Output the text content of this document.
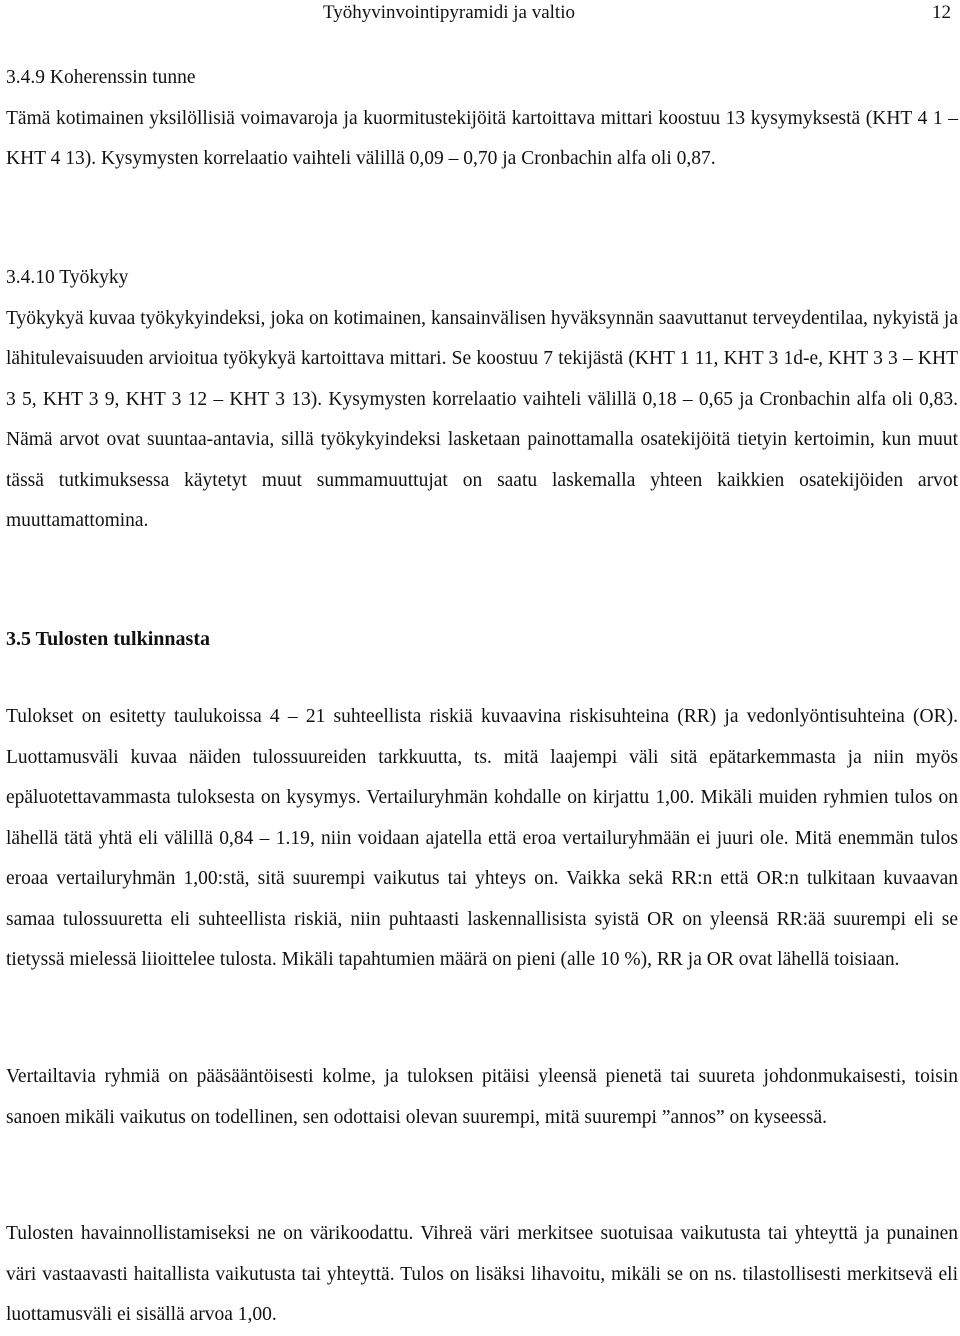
Työhyvinvointipyramidi ja valtio	12
3.4.9 Koherenssin tunne

Tämä kotimainen yksilöllisiä voimavaroja ja kuormitustekijöitä kartoittava mittari koostuu 13 kysymyksestä (KHT 4 1 – KHT 4 13). Kysymysten korrelaatio vaihteli välillä 0,09 – 0,70 ja Cronbachin alfa oli 0,87.

3.4.10 Työkyky

Työkykyä kuvaa työkykyindeksi, joka on kotimainen, kansainvälisen hyväksynnän saavuttanut terveydentilaa, nykyistä ja lähitulevaisuuden arvioitua työkykyä kartoittava mittari. Se koostuu 7 tekijästä (KHT 1 11, KHT 3 1d-e, KHT 3 3 – KHT 3 5, KHT 3 9, KHT 3 12 – KHT 3 13). Kysymysten korrelaatio vaihteli välillä 0,18 – 0,65 ja Cronbachin alfa oli 0,83. Nämä arvot ovat suuntaa-antavia, sillä työkykyindeksi lasketaan painottamalla osatekijöitä tietyin kertoimin, kun muut tässä tutkimuksessa käytetyt muut summamuuttujat on saatu laskemalla yhteen kaikkien osatekijöiden arvot muuttamattomina.

3.5 Tulosten tulkinnasta

Tulokset on esitetty taulukoissa 4 – 21 suhteellista riskiä kuvaavina riskisuhteina (RR) ja vedonlyöntisuhteina (OR). Luottamusväli kuvaa näiden tulossuureiden tarkkuutta, ts. mitä laajempi väli sitä epätarkemmasta ja niin myös epäluotettavammasta tuloksesta on kysymys. Vertailuryhmän kohdalle on kirjattu 1,00. Mikäli muiden ryhmien tulos on lähellä tätä yhtä eli välillä 0,84 – 1.19, niin voidaan ajatella että eroa vertailuryhmään ei juuri ole. Mitä enemmän tulos eroaa vertailuryhmän 1,00:stä, sitä suurempi vaikutus tai yhteys on. Vaikka sekä RR:n että OR:n tulkitaan kuvaavan samaa tulossuuretta eli suhteellista riskiä, niin puhtaasti laskennallisista syistä OR on yleensä RR:ää suurempi eli se tietyssä mielessä liioittelee tulosta. Mikäli tapahtumien määrä on pieni (alle 10 %), RR ja OR ovat lähellä toisiaan.

Vertailtavia ryhmiä on pääsääntöisesti kolme, ja tuloksen pitäisi yleensä pienetä tai suureta johdonmukaisesti, toisin sanoen mikäli vaikutus on todellinen, sen odottaisi olevan suurempi, mitä suurempi ”annos” on kyseessä.

Tulosten havainnollistamiseksi ne on värikoodattu. Vihreä väri merkitsee suotuisaa vaikutusta tai yhteyttä ja punainen väri vastaavasti haitallista vaikutusta tai yhteyttä. Tulos on lisäksi lihavoitu, mikäli se on ns. tilastollisesti merkitsevä eli luottamusväli ei sisällä arvoa 1,00.
